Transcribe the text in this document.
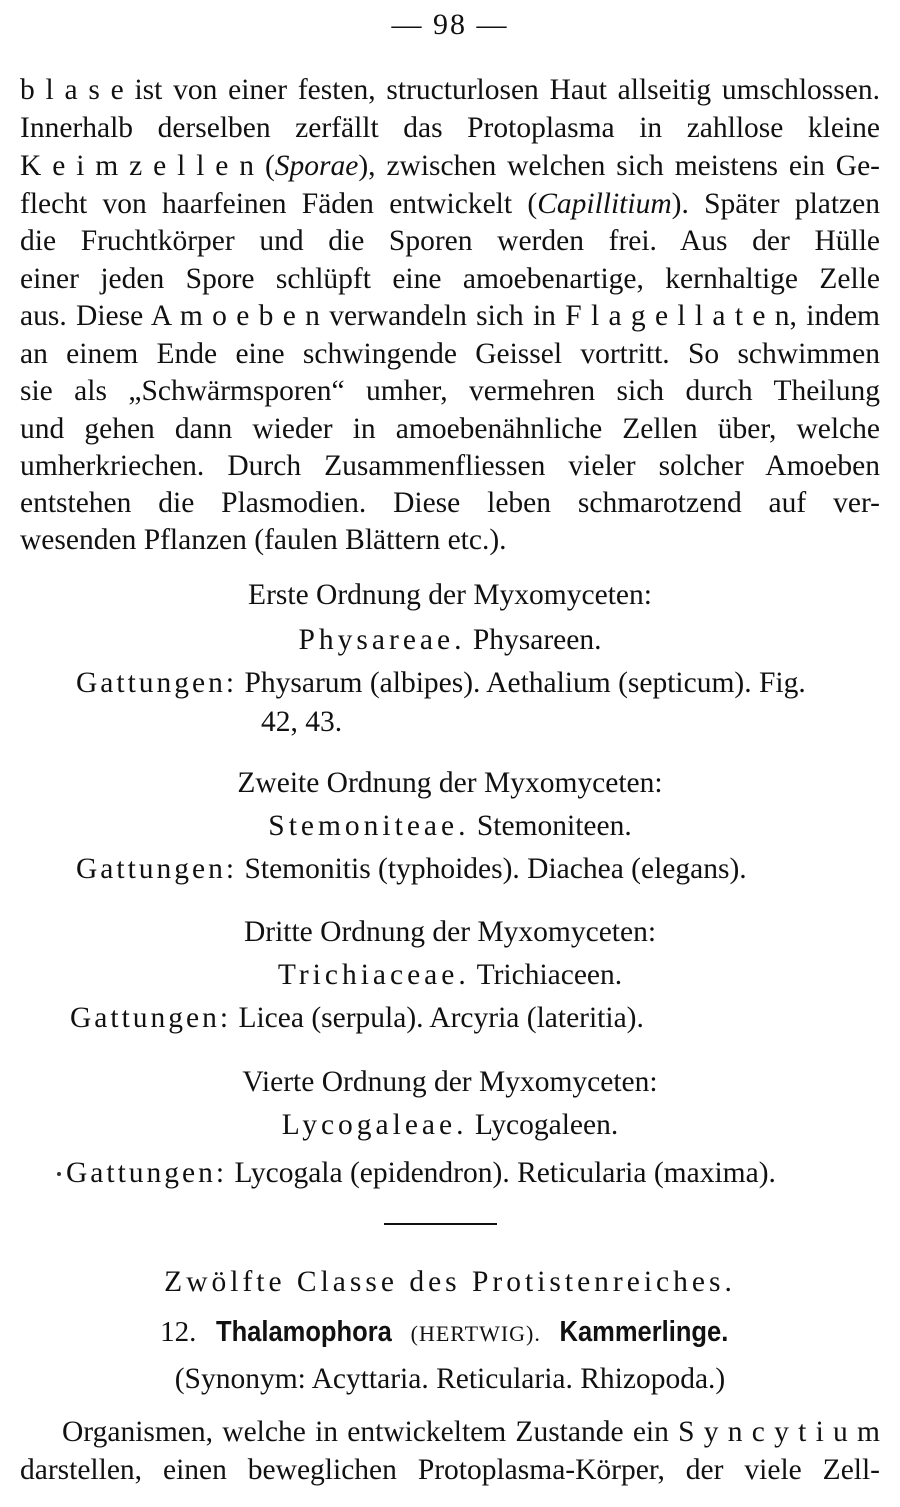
— 98 —
b l a s e ist von einer festen, structurlosen Haut allseitig umschlossen.
Innerhalb derselben zerfällt das Protoplasma in zahllose kleine
K e i m z e l l e n (Sporae), zwischen welchen sich meistens ein Ge-
flecht von haarfeinen Fäden entwickelt (Capillitium). Später platzen
die Fruchtkörper und die Sporen werden frei. Aus der Hülle
einer jeden Spore schlüpft eine amoebenartige, kernhaltige Zelle
aus. Diese A m o e b e n verwandeln sich in F l a g e l l a t e n, indem
an einem Ende eine schwingende Geissel vortritt. So schwimmen
sie als „Schwärmsporen“ umher, vermehren sich durch Theilung
und gehen dann wieder in amoebenähnliche Zellen über, welche
umherkriechen. Durch Zusammenfliessen vieler solcher Amoeben
entstehen die Plasmodien. Diese leben schmarotzend auf ver-
wesenden Pflanzen (faulen Blättern etc.).
Erste Ordnung der Myxomyceten:
Physareae. Physareen.
Gattungen: Physarum (albipes). Aethalium (septicum). Fig.
42, 43.
Zweite Ordnung der Myxomyceten:
Stemoniteae. Stemoniteen.
Gattungen: Stemonitis (typhoides). Diachea (elegans).
Dritte Ordnung der Myxomyceten:
Trichiaceae. Trichiaceen.
Gattungen: Licea (serpula). Arcyria (lateritia).
Vierte Ordnung der Myxomyceten:
Lycogaleae. Lycogaleen.
Gattungen: Lycogala (epidendron). Reticularia (maxima).
Zwölfte Classe des Protistenreiches.
12. Thalamophora (HERTWIG). Kammerlinge.
(Synonym: Acyttaria. Reticularia. Rhizopoda.)
Organismen, welche in entwickeltem Zustande ein S y n c y t i u m
darstellen, einen beweglichen Protoplasma-Körper, der viele Zell-
